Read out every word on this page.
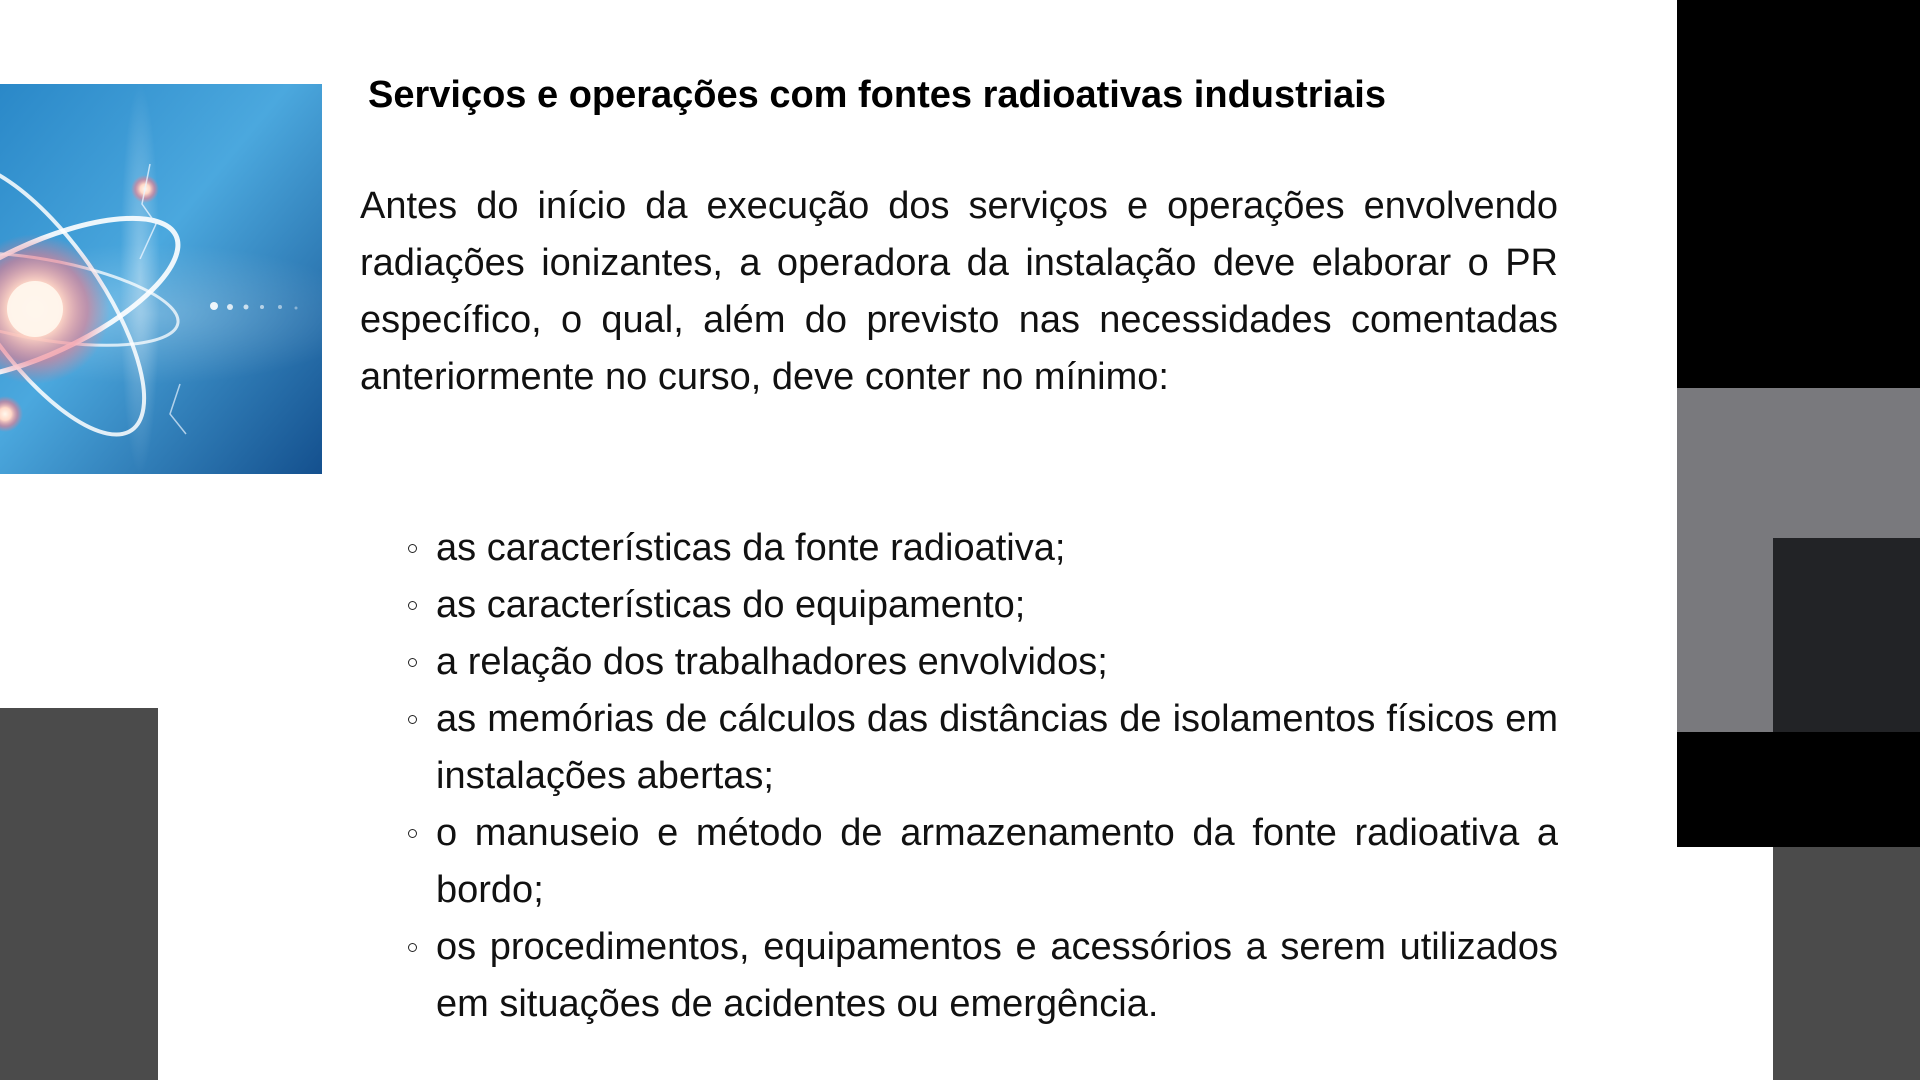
Serviços e operações com fontes radioativas industriais

Antes do início da execução dos serviços e operações envolvendo radiações ionizantes, a operadora da instalação deve elaborar o PR específico, o qual, além do previsto nas necessidades comentadas anteriormente no curso, deve conter no mínimo:

as características da fonte radioativa;
as características do equipamento;
a relação dos trabalhadores envolvidos;
as memórias de cálculos das distâncias de isolamentos físicos em instalações abertas;
o manuseio e método de armazenamento da fonte radioativa a bordo;
os procedimentos, equipamentos e acessórios a serem utilizados em situações de acidentes ou emergência.
